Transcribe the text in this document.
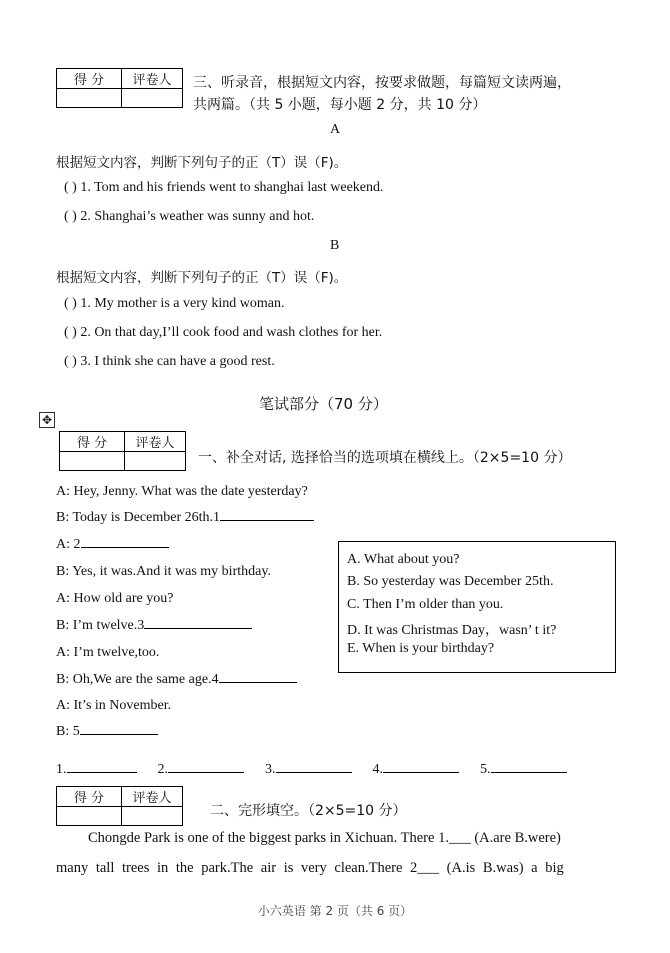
得 分	评卷人
	三、听录音，根据短文内容，按要求做题，每篇短文读两遍，
共两篇。（共 5 小题，每小题 2 分，共 10 分）
A
根据短文内容，判断下列句子的正（T）误（F)。
( ) 1. Tom and his friends went to shanghai last weekend.
( ) 2. Shanghai’s weather was sunny and hot.
B
根据短文内容，判断下列句子的正（T）误（F)。
( ) 1. My mother is a very kind woman.
( ) 2. On that day,I’ll cook food and wash clothes for her.
( ) 3. I think she can have a good rest.
笔试部分（70 分）
✥
得 分	评卷人

一、补全对话, 选择恰当的选项填在横线上。（2×5=10 分）
A: Hey, Jenny. What was the date yesterday?
B: Today is December 26th.1
A: 2
B: Yes, it was.And it was my birthday.
A: How old are you?
B: I’m twelve.3
A: I’m twelve,too.
B: Oh,We are the same age.4
A: It’s in November.
B: 5
A. What about you?
B. So yesterday was December 25th.
C. Then I’m older than you.
D. It was Christmas Day，wasn’ t it?
E. When is your birthday?
1.	2.	3.	4.	5.
得 分	评卷人

二、完形填空。（2×5=10 分）
Chongde Park is one of the biggest parks in Xichuan. There 1.___ (A.are B.were)
many tall trees in the park.The air is very clean.There 2___ (A.is B.was) a big
小六英语 第 2 页（共 6 页）
